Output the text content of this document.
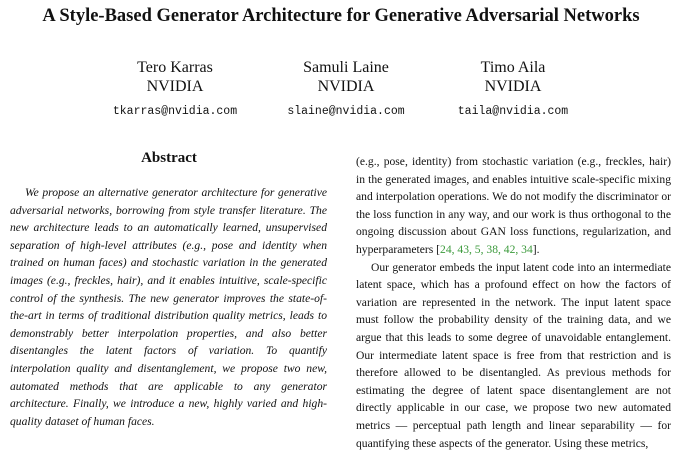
A Style-Based Generator Architecture for Generative Adversarial Networks
Tero Karras
NVIDIA
tkarras@nvidia.com
Samuli Laine
NVIDIA
slaine@nvidia.com
Timo Aila
NVIDIA
taila@nvidia.com
Abstract
We propose an alternative generator architecture for generative adversarial networks, borrowing from style transfer literature. The new architecture leads to an automatically learned, unsupervised separation of high-level attributes (e.g., pose and identity when trained on human faces) and stochastic variation in the generated images (e.g., freckles, hair), and it enables intuitive, scale-specific control of the synthesis. The new generator improves the state-of-the-art in terms of traditional distribution quality metrics, leads to demonstrably better interpolation properties, and also better disentangles the latent factors of variation. To quantify interpolation quality and disentanglement, we propose two new, automated methods that are applicable to any generator architecture. Finally, we introduce a new, highly varied and high-quality dataset of human faces.

(e.g., pose, identity) from stochastic variation (e.g., freckles, hair) in the generated images, and enables intuitive scale-specific mixing and interpolation operations. We do not modify the discriminator or the loss function in any way, and our work is thus orthogonal to the ongoing discussion about GAN loss functions, regularization, and hyperparameters [24, 43, 5, 38, 42, 34].

Our generator embeds the input latent code into an intermediate latent space, which has a profound effect on how the factors of variation are represented in the network. The input latent space must follow the probability density of the training data, and we argue that this leads to some degree of unavoidable entanglement. Our intermediate latent space is free from that restriction and is therefore allowed to be disentangled. As previous methods for estimating the degree of latent space disentanglement are not directly applicable in our case, we propose two new automated metrics — perceptual path length and linear separability — for quantifying these aspects of the generator. Using these metrics,
